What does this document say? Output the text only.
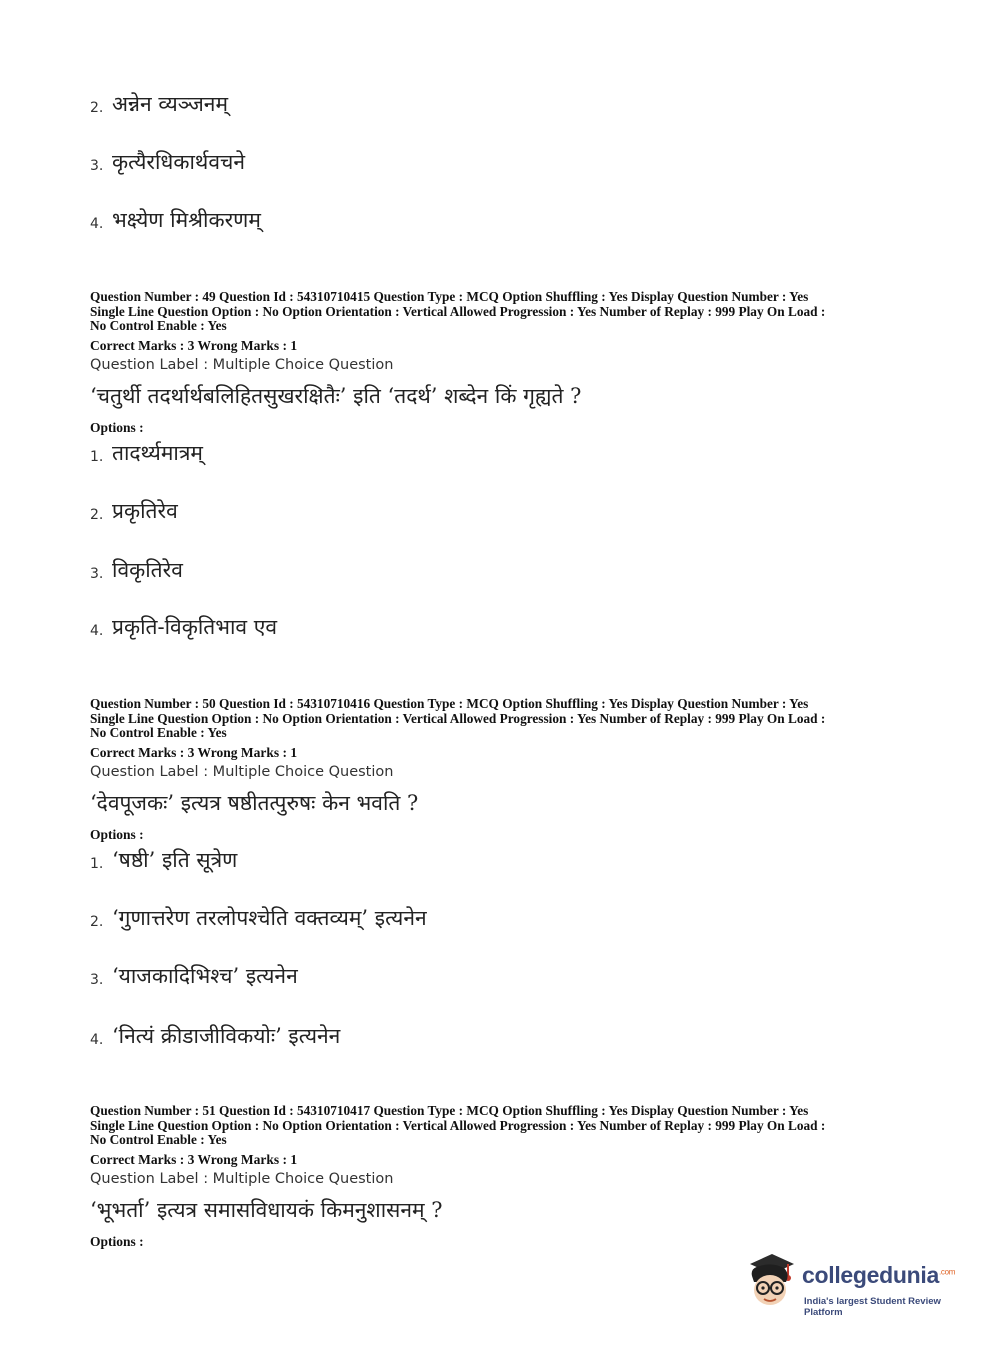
2. अन्नेन व्यञ्जनम्
3. कृत्यैरधिकार्थवचने
4. भक्ष्येण मिश्रीकरणम्
Question Number : 49 Question Id : 54310710415 Question Type : MCQ Option Shuffling : Yes Display Question Number : Yes
Single Line Question Option : No Option Orientation : Vertical Allowed Progression : Yes Number of Replay : 999 Play On Load :
No Control Enable : Yes
Correct Marks : 3 Wrong Marks : 1
Question Label : Multiple Choice Question
‘चतुर्थी तदर्थार्थबलिहितसुखरक्षितैः’ इति ‘तदर्थ’ शब्देन किं गृह्यते ?
Options :
1. तादर्थ्यमात्रम्
2. प्रकृतिरेव
3. विकृतिरेव
4. प्रकृति-विकृतिभाव एव
Question Number : 50 Question Id : 54310710416 Question Type : MCQ Option Shuffling : Yes Display Question Number : Yes
Single Line Question Option : No Option Orientation : Vertical Allowed Progression : Yes Number of Replay : 999 Play On Load :
No Control Enable : Yes
Correct Marks : 3 Wrong Marks : 1
Question Label : Multiple Choice Question
‘देवपूजकः’ इत्यत्र षष्ठीतत्पुरुषः केन भवति ?
Options :
1. ‘षष्ठी’ इति सूत्रेण
2. ‘गुणात्तरेण तरलोपश्चेति वक्तव्यम्’ इत्यनेन
3. ‘याजकादिभिश्च’ इत्यनेन
4. ‘नित्यं क्रीडाजीविकयोः’ इत्यनेन
Question Number : 51 Question Id : 54310710417 Question Type : MCQ Option Shuffling : Yes Display Question Number : Yes
Single Line Question Option : No Option Orientation : Vertical Allowed Progression : Yes Number of Replay : 999 Play On Load :
No Control Enable : Yes
Correct Marks : 3 Wrong Marks : 1
Question Label : Multiple Choice Question
‘भूभर्ता’ इत्यत्र समासविधायकं किमनुशासनम् ?
Options :
collegedunia$^{.com}$
India's largest Student Review Platform
